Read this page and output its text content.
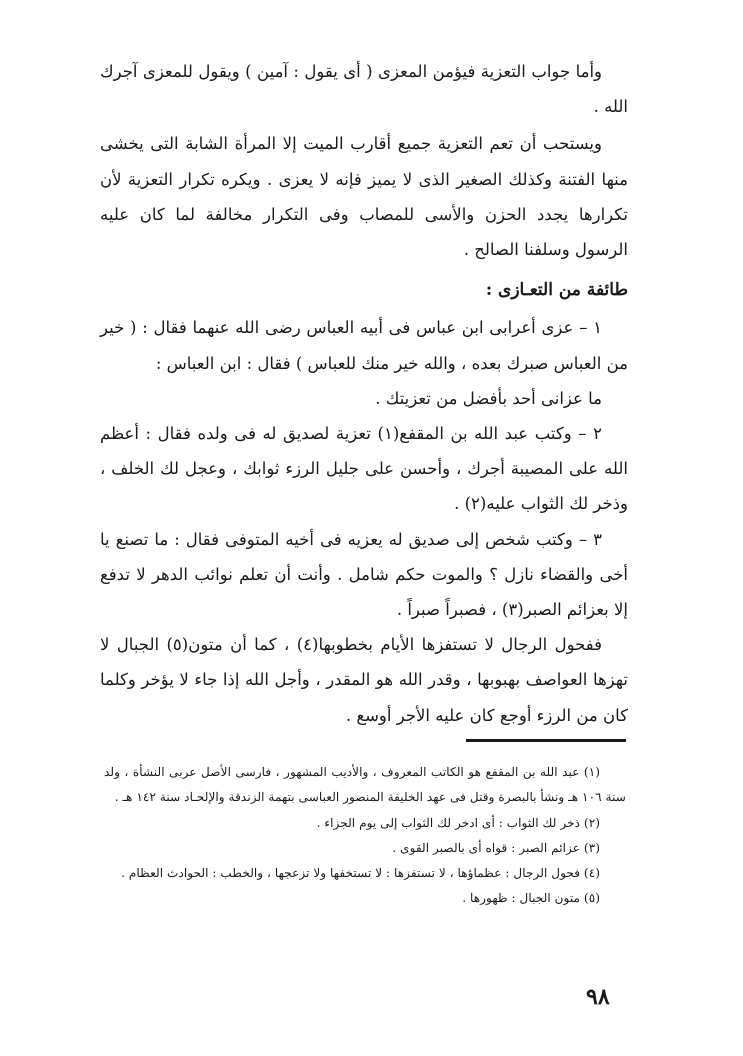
وأما جواب التعزية فيؤمن المعزى ( أى يقول : آمين ) ويقول للمعزى آجرك الله .

ويستحب أن تعم التعزية جميع أقارب الميت إلا المرأة الشابة التى يخشى منها الفتنة وكذلك الصغير الذى لا يميز فإنه لا يعزى . ويكره تكرار التعزية لأن تكرارها يجدد الحزن والأسى للمصاب وفى التكرار مخالفة لما كان عليه الرسول وسلفنا الصالح .

طائفة من التعـازى :

١ – عزى أعرابى ابن عباس فى أبيه العباس رضى الله عنهما فقال : ( خير من العباس صبرك بعده ، والله خير منك للعباس ) فقال : ابن العباس :

ما عزانى أحد بأفضل من تعزيتك .

٢ – وكتب عبد الله بن المقفع(١) تعزية لصديق له فى ولده فقال : أعظم الله على المصيبة أجرك ، وأحسن على جليل الرزء ثوابك ، وعجل لك الخلف ، وذخر لك الثواب عليه(٢) .

٣ – وكتب شخص إلى صديق له يعزيه فى أخيه المتوفى فقال : ما تصنع يا أخى والقضاء نازل ؟ والموت حكم شامل . وأنت أن تعلم نوائب الدهر لا تدفع إلا بعزائم الصبر(٣) ، فصبراً صبراً .

ففحول الرجال لا تستفزها الأيام بخطوبها(٤) ، كما أن متون(٥) الجبال لا تهزها العواصف بهبوبها ، وقدر الله هو المقدر ، وأجل الله إذا جاء لا يؤخر وكلما كان من الرزء أوجع كان عليه الأجر أوسع .

(١) عبد الله بن المقفع هو الكاتب المعروف ، والأديب المشهور ، فارسى الأصل عربى النشأة ، ولد سنة ١٠٦ هـ ونشأ بالبصرة وقتل فى عهد الخليفة المنصور العباسى بتهمة الزندقة والإلحـاد سنة ١٤٢ هـ .

(٢) ذخر لك الثواب : أى ادخر لك الثواب إلى يوم الجزاء .

(٣) عزائم الصبر : قواه أى بالصبر القوى .

(٤) فحول الرجال : عظماؤها ، لا تستفزها : لا تستخفها ولا تزعجها ، والخطب : الحوادث العظام .

(٥) متون الجبال : ظهورها .

٩٨
